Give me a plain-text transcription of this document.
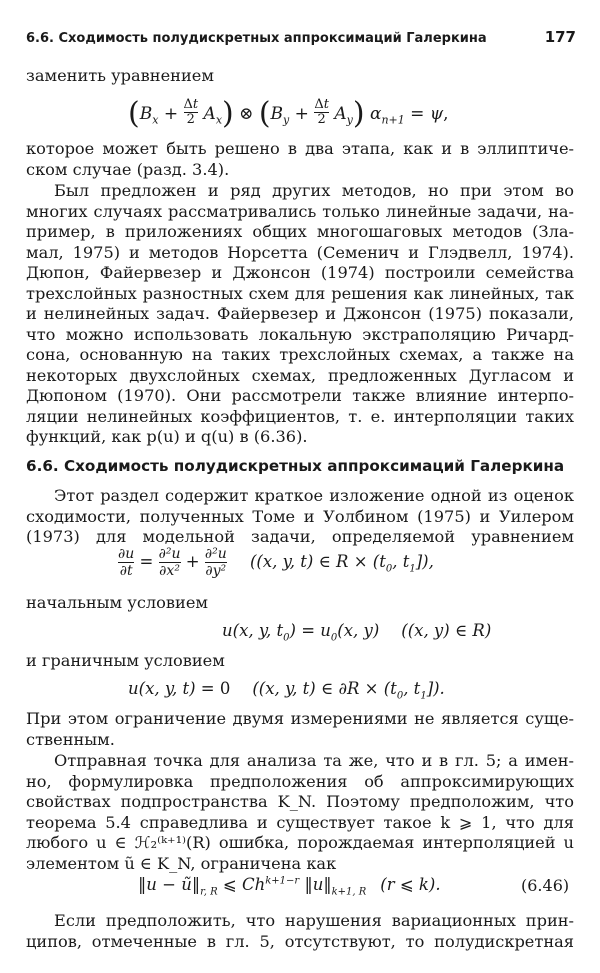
6.6. Сходимость полудискретных аппроксимаций Галеркина	177
заменить уравнением
$(B_x + \frac{\Delta t}{2} A_x)$ ⊗ $(B_y + \frac{\Delta t}{2} A_y) \alpha_{n+1} = \psi$,
которое может быть решено в два этапа, как и в эллиптиче-
ском случае (разд. 3.4).
Был предложен и ряд других методов, но при этом во
многих случаях рассматривались только линейные задачи, на-
пример, в приложениях общих многошаговых методов (Зла-
мал, 1975) и методов Норсетта (Семенич и Глэдвелл, 1974).
Дюпон, Файервезер и Джонсон (1974) построили семейства
трехслойных разностных схем для решения как линейных, так
и нелинейных задач. Файервезер и Джонсон (1975) показали,
что можно использовать локальную экстраполяцию Ричард-
сона, основанную на таких трехслойных схемах, а также на
некоторых двухслойных схемах, предложенных Дугласом и
Дюпоном (1970). Они рассмотрели также влияние интерпо-
ляции нелинейных коэффициентов, т. е. интерполяции таких
функций, как p(u) и q(u) в (6.36).
6.6. Сходимость полудискретных аппроксимаций Галеркина
Этот раздел содержит краткое изложение одной из оценок
сходимости, полученных Томе и Уолбином (1975) и Уилером
(1973) для модельной задачи, определяемой уравнением
$\frac{\partial u}{\partial t} = \frac{\text{∂²u}}{\text{∂x²}} + \frac{\text{∂²u}}{\text{∂y²}} ((x$, y, t) ∈ $R \times (t_0$, $t_1$]),
начальным условием
u(x, y, $t_0) = u_0(x$, y) ((x, y) ∈ R)
и граничным условием
u(x, y, t) = 0 ((x, y, t) ∈ $\partial R \times (t_0$, $t_1$]).
При этом ограничение двумя измерениями не является суще-
ственным.
Отправная точка для анализа та же, что и в гл. 5; а имен-
но, формулировка предположения об аппроксимирующих
свойствах подпространства K_N. Поэтому предположим, что
теорема 5.4 справедлива и существует такое k ⩾ 1, что для
любого u ∈ ℋ₂⁽ᵏ⁺¹⁾(R) ошибка, порождаемая интерполяцией u
элементом ũ ∈ K_N, ограничена как
‖u − $ũ‖_{r, R}$ ⩽ $Ch^{k+1-r}$ $‖u‖_{k+1, R}$ (r ⩽ k).	(6.46)
Если предположить, что нарушения вариационных прин-
ципов, отмеченные в гл. 5, отсутствуют, то полудискретная
